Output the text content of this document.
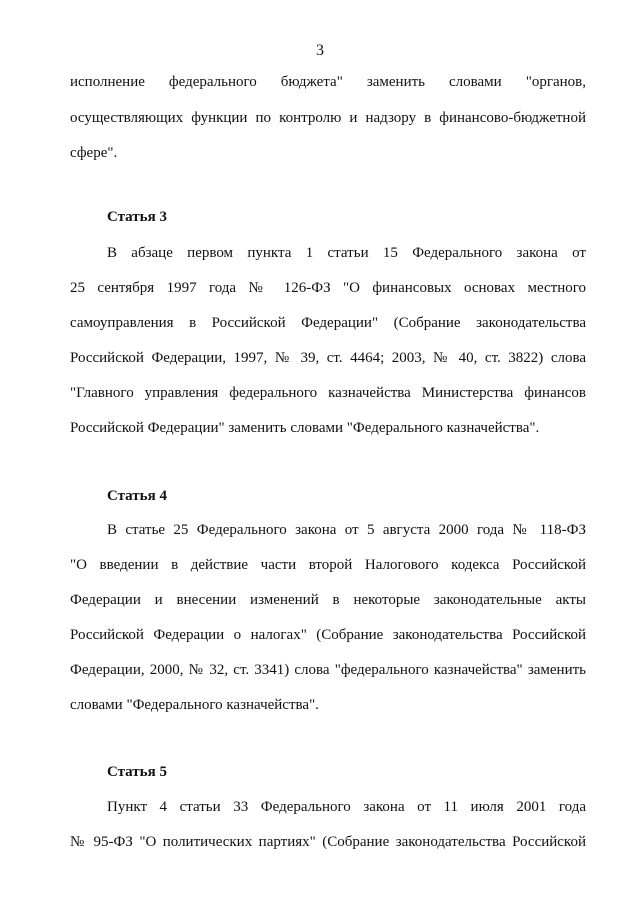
3
исполнение федерального бюджета" заменить словами "органов,
осуществляющих функции по контролю и надзору в финансово-бюджетной
сфере".
Статья 3
В абзаце первом пункта 1 статьи 15 Федерального закона от
25 сентября 1997 года № 126-ФЗ "О финансовых основах местного
самоуправления в Российской Федерации" (Собрание законодательства
Российской Федерации, 1997, № 39, ст. 4464; 2003, № 40, ст. 3822) слова
"Главного управления федерального казначейства Министерства финансов
Российской Федерации" заменить словами "Федерального казначейства".
Статья 4
В статье 25 Федерального закона от 5 августа 2000 года № 118-ФЗ
"О введении в действие части второй Налогового кодекса Российской
Федерации и внесении изменений в некоторые законодательные акты
Российской Федерации о налогах" (Собрание законодательства Российской
Федерации, 2000, № 32, ст. 3341) слова "федерального казначейства" заменить
словами "Федерального казначейства".
Статья 5
Пункт 4 статьи 33 Федерального закона от 11 июля 2001 года
№ 95-ФЗ "О политических партиях" (Собрание законодательства Российской
